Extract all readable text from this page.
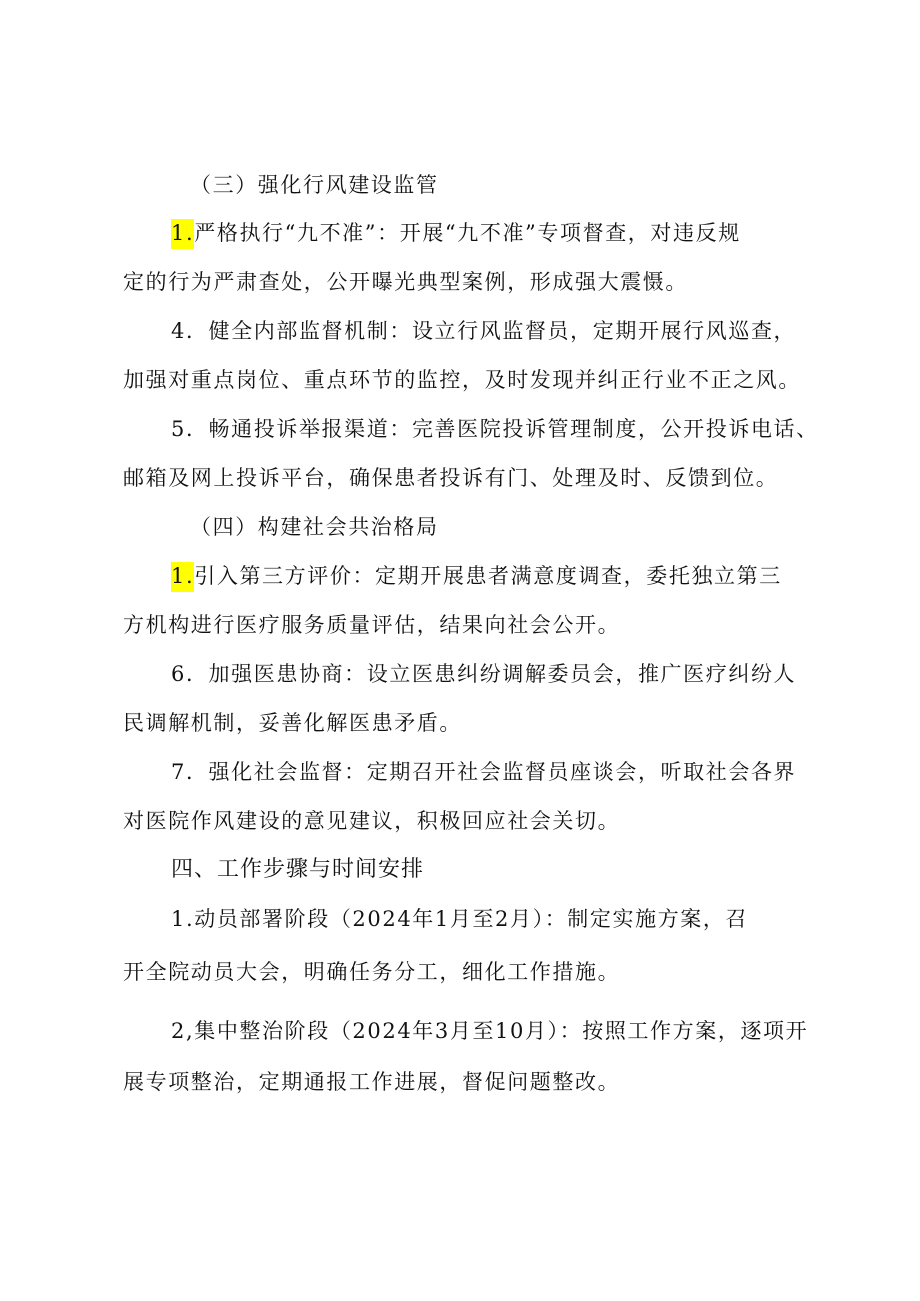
（三）强化行风建设监管
1.严格执行“九不准”：开展“九不准”专项督查，对违反规
定的行为严肃查处，公开曝光典型案例，形成强大震慑。
4．健全内部监督机制：设立行风监督员，定期开展行风巡查，
加强对重点岗位、重点环节的监控，及时发现并纠正行业不正之风。
5．畅通投诉举报渠道：完善医院投诉管理制度，公开投诉电话、
邮箱及网上投诉平台，确保患者投诉有门、处理及时、反馈到位。
（四）构建社会共治格局
1.引入第三方评价：定期开展患者满意度调查，委托独立第三
方机构进行医疗服务质量评估，结果向社会公开。
6．加强医患协商：设立医患纠纷调解委员会，推广医疗纠纷人
民调解机制，妥善化解医患矛盾。
7．强化社会监督：定期召开社会监督员座谈会，听取社会各界
对医院作风建设的意见建议，积极回应社会关切。
四、工作步骤与时间安排
1.动员部署阶段（2024年1月至2月）：制定实施方案，召
开全院动员大会，明确任务分工，细化工作措施。
2,集中整治阶段（2024年3月至10月）：按照工作方案，逐项开
展专项整治，定期通报工作进展，督促问题整改。
